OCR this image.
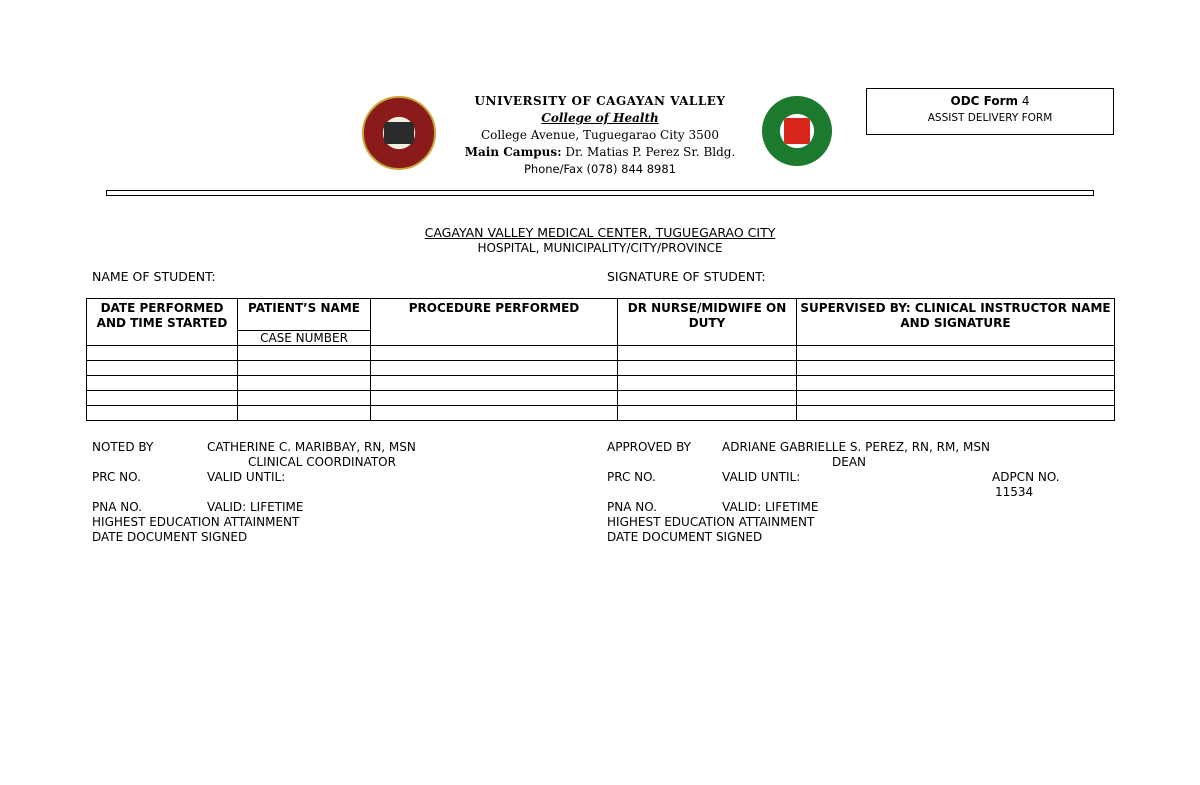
UNIVERSITY OF CAGAYAN VALLEY
College of Health
College Avenue, Tuguegarao City 3500
Main Campus: Dr. Matias P. Perez Sr. Bldg.
Phone/Fax (078) 844 8981
ODC Form 4
ASSIST DELIVERY FORM
CAGAYAN VALLEY MEDICAL CENTER, TUGUEGARAO CITY
HOSPITAL, MUNICIPALITY/CITY/PROVINCE
NAME OF STUDENT:	SIGNATURE OF STUDENT:
DATE PERFORMED AND TIME STARTED	PATIENT’S NAME	PROCEDURE PERFORMED	DR NURSE/MIDWIFE ON DUTY	SUPERVISED BY: CLINICAL INSTRUCTOR NAME AND SIGNATURE
	CASE NUMBER			

NOTED BY	CATHERINE C. MARIBBAY, RN, MSN
CLINICAL COORDINATOR
PRC NO.	VALID UNTIL:
PNA NO.	VALID: LIFETIME
HIGHEST EDUCATION ATTAINMENT
DATE DOCUMENT SIGNED
APPROVED BY	ADRIANE GABRIELLE S. PEREZ, RN, RM, MSN
DEAN
PRC NO.	VALID UNTIL:	ADPCN NO.
11534
PNA NO.	VALID: LIFETIME
HIGHEST EDUCATION ATTAINMENT
DATE DOCUMENT SIGNED
